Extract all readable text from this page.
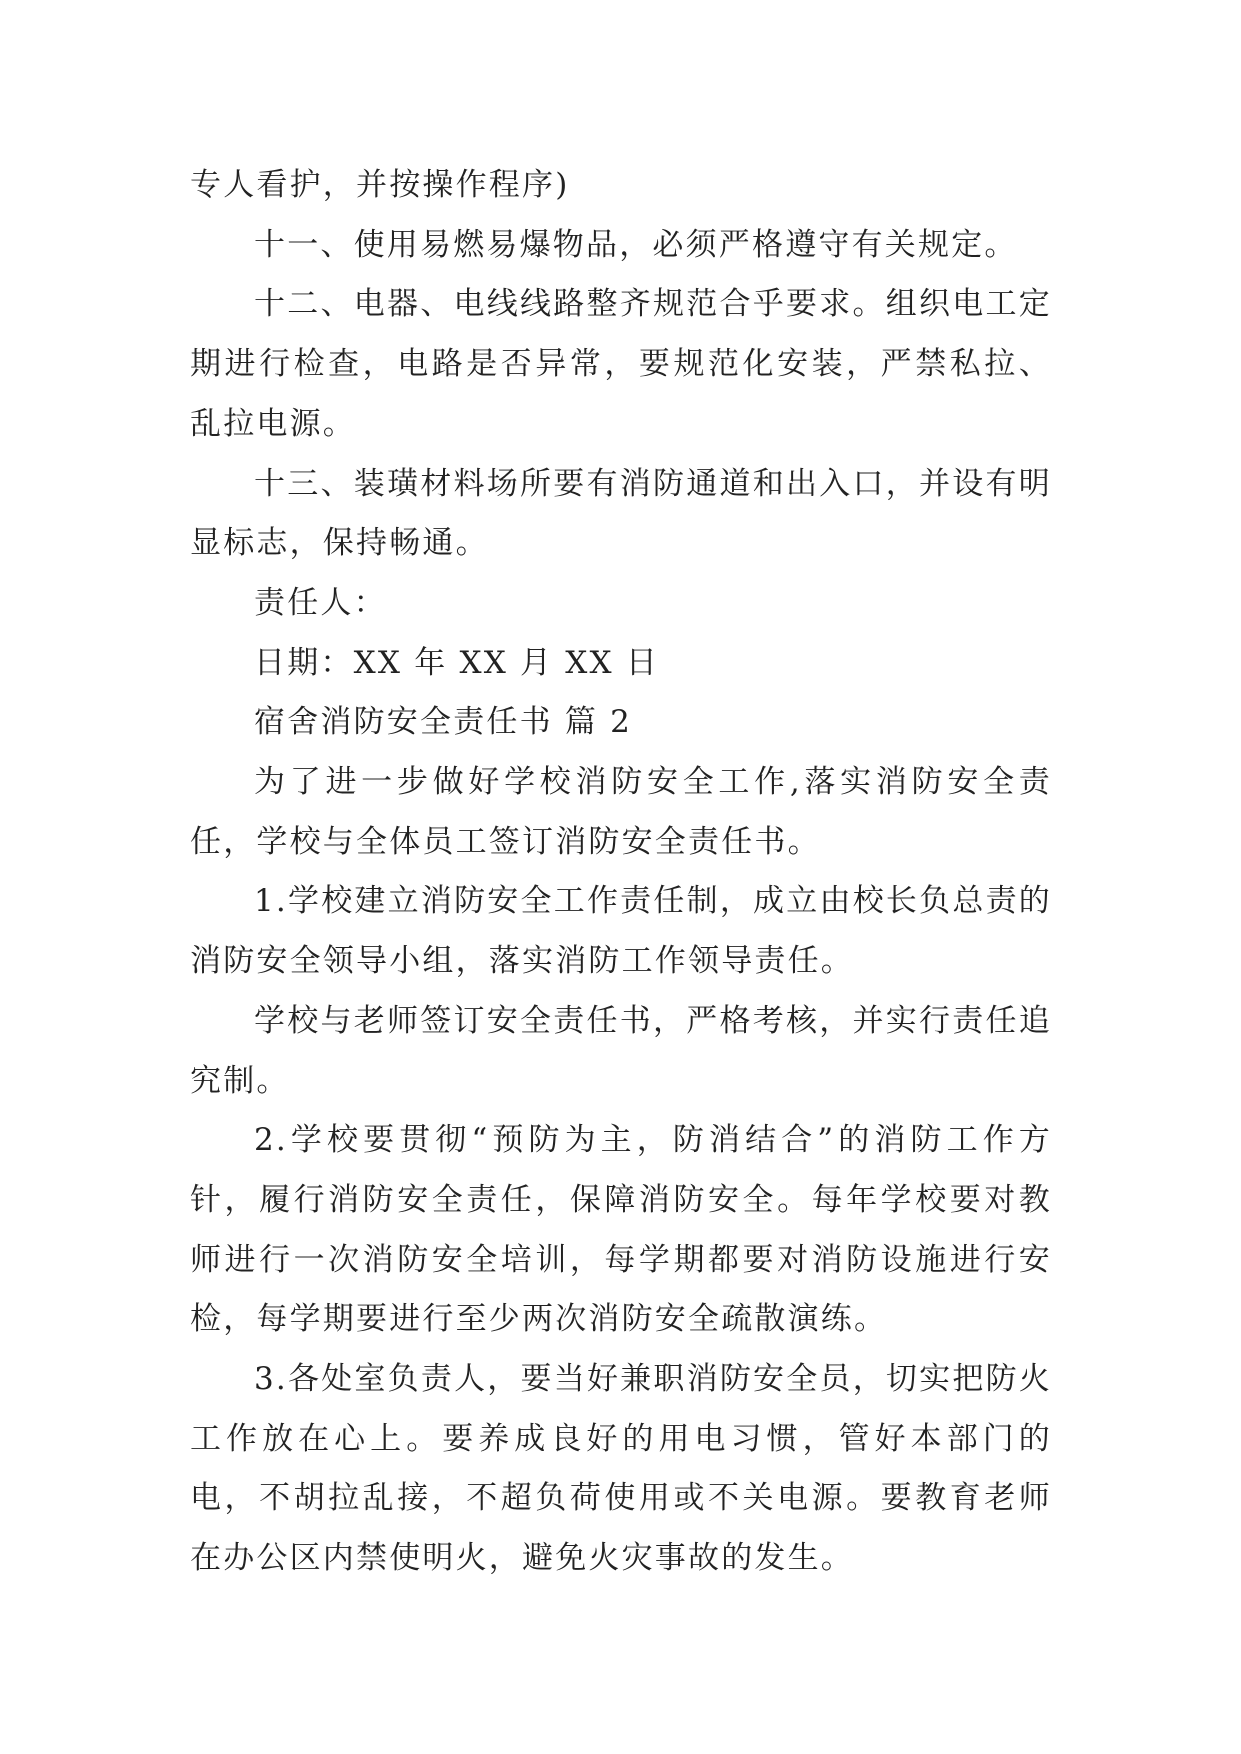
专人看护，并按操作程序)

十一、使用易燃易爆物品，必须严格遵守有关规定。

十二、电器、电线线路整齐规范合乎要求。组织电工定期进行检查，电路是否异常，要规范化安装，严禁私拉、乱拉电源。

十三、装璜材料场所要有消防通道和出入口，并设有明显标志，保持畅通。

责任人：

日期：XX 年 XX 月 XX 日

宿舍消防安全责任书 篇 2

为了进一步做好学校消防安全工作,落实消防安全责任，学校与全体员工签订消防安全责任书。

1.学校建立消防安全工作责任制，成立由校长负总责的消防安全领导小组，落实消防工作领导责任。

学校与老师签订安全责任书，严格考核，并实行责任追究制。

2.学校要贯彻“预防为主，防消结合”的消防工作方针，履行消防安全责任，保障消防安全。每年学校要对教师进行一次消防安全培训，每学期都要对消防设施进行安检，每学期要进行至少两次消防安全疏散演练。

3.各处室负责人，要当好兼职消防安全员，切实把防火工作放在心上。要养成良好的用电习惯，管好本部门的电，不胡拉乱接，不超负荷使用或不关电源。要教育老师在办公区内禁使明火，避免火灾事故的发生。
